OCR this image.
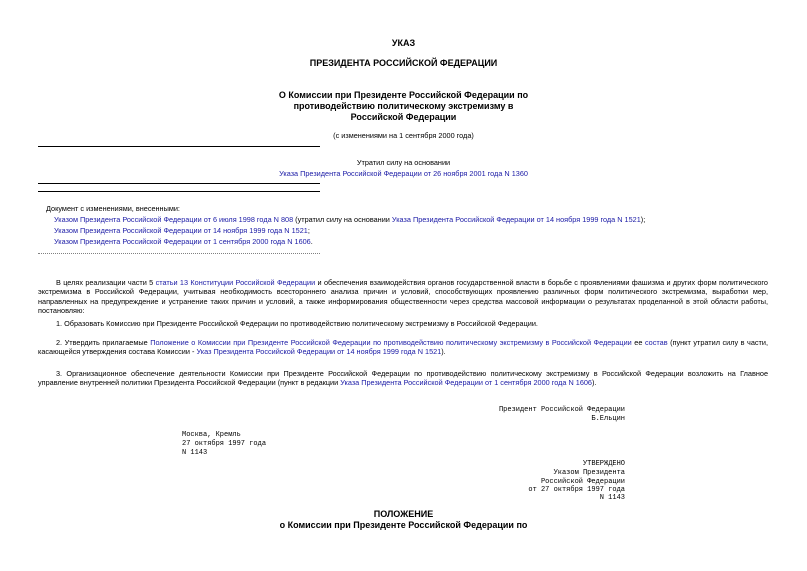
УКАЗ
ПРЕЗИДЕНТА РОССИЙСКОЙ ФЕДЕРАЦИИ
О Комиссии при Президенте Российской Федерации по
противодействию политическому экстремизму в
Российской Федерации
(с изменениями на 1 сентября 2000 года)
Утратил силу на основании
Указа Президента Российской Федерации от 26 ноября 2001 года N 1360
Документ с изменениями, внесенными:
Указом Президента Российской Федерации от 6 июля 1998 года N 808 (утратил силу на основании Указа Президента Российской Федерации от 14 ноября 1999 года N 1521);
Указом Президента Российской Федерации от 14 ноября 1999 года N 1521;
Указом Президента Российской Федерации от 1 сентября 2000 года N 1606.
В целях реализации части 5 статьи 13 Конституции Российской Федерации и обеспечения взаимодействия органов государственной власти в борьбе с проявлениями фашизма и других форм политического экстремизма в Российской Федерации, учитывая необходимость всестороннего анализа причин и условий, способствующих проявлению различных форм политического экстремизма, выработки мер, направленных на предупреждение и устранение таких причин и условий, а также информирования общественности через средства массовой информации о результатах проделанной в этой области работы, постановляю:
1. Образовать Комиссию при Президенте Российской Федерации по противодействию политическому экстремизму в Российской Федерации.
2. Утвердить прилагаемые Положение о Комиссии при Президенте Российской Федерации по противодействию политическому экстремизму в Российской Федерации ее состав (пункт утратил силу в части, касающейся утверждения состава Комиссии - Указ Президента Российской Федерации от 14 ноября 1999 года N 1521).
3. Организационное обеспечение деятельности Комиссии при Президенте Российской Федерации по противодействию политическому экстремизму в Российской Федерации возложить на Главное управление внутренней политики Президента Российской Федерации (пункт в редакции Указа Президента Российской Федерации от 1 сентября 2000 года N 1606).
Президент Российской Федерации
Б.Ельцин
Москва, Кремль
27 октября 1997 года
N 1143
УТВЕРЖДЕНО
Указом Президента
Российской Федерации
от 27 октября 1997 года
N 1143
ПОЛОЖЕНИЕ
о Комиссии при Президенте Российской Федерации по
